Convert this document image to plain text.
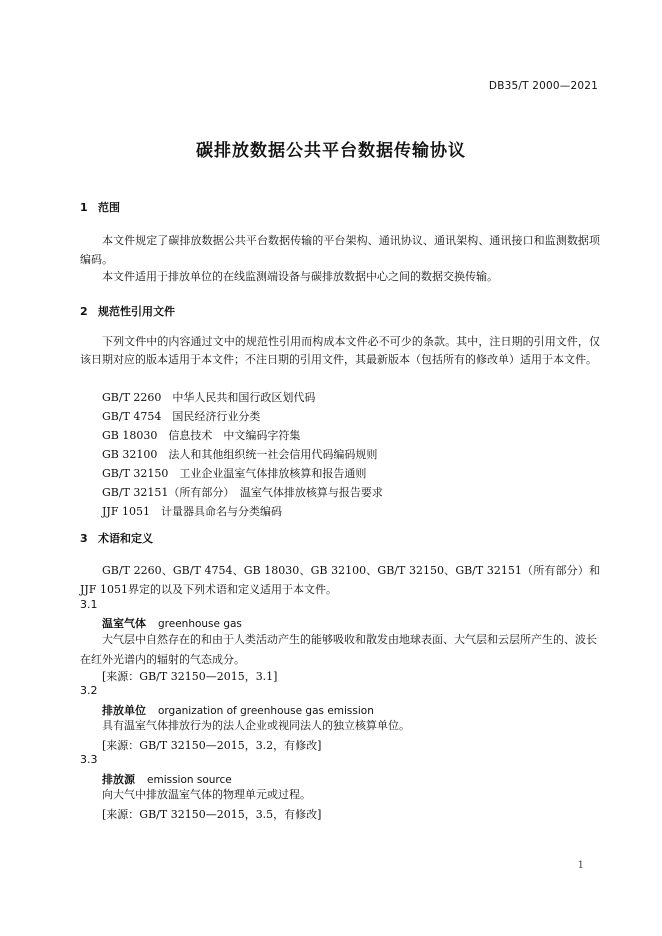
DB35/T 2000—2021
碳排放数据公共平台数据传输协议
1 范围
本文件规定了碳排放数据公共平台数据传输的平台架构、通讯协议、通讯架构、通讯接口和监测数据项编码。
本文件适用于排放单位的在线监测端设备与碳排放数据中心之间的数据交换传输。
2 规范性引用文件
下列文件中的内容通过文中的规范性引用而构成本文件必不可少的条款。其中，注日期的引用文件，仅该日期对应的版本适用于本文件；不注日期的引用文件，其最新版本（包括所有的修改单）适用于本文件。
GB/T 2260　中华人民共和国行政区划代码
GB/T 4754　国民经济行业分类
GB 18030　信息技术　中文编码字符集
GB 32100　法人和其他组织统一社会信用代码编码规则
GB/T 32150　工业企业温室气体排放核算和报告通则
GB/T 32151（所有部分）　温室气体排放核算与报告要求
JJF 1051　计量器具命名与分类编码
3 术语和定义
GB/T 2260、GB/T 4754、GB 18030、GB 32100、GB/T 32150、GB/T 32151（所有部分）和JJF 1051界定的以及下列术语和定义适用于本文件。
3.1
温室气体 greenhouse gas
大气层中自然存在的和由于人类活动产生的能够吸收和散发由地球表面、大气层和云层所产生的、波长在红外光谱内的辐射的气态成分。
[来源：GB/T 32150—2015，3.1]
3.2
排放单位 organization of greenhouse gas emission
具有温室气体排放行为的法人企业或视同法人的独立核算单位。
[来源：GB/T 32150—2015，3.2，有修改]
3.3
排放源 emission source
向大气中排放温室气体的物理单元或过程。
[来源：GB/T 32150—2015，3.5，有修改]
1
